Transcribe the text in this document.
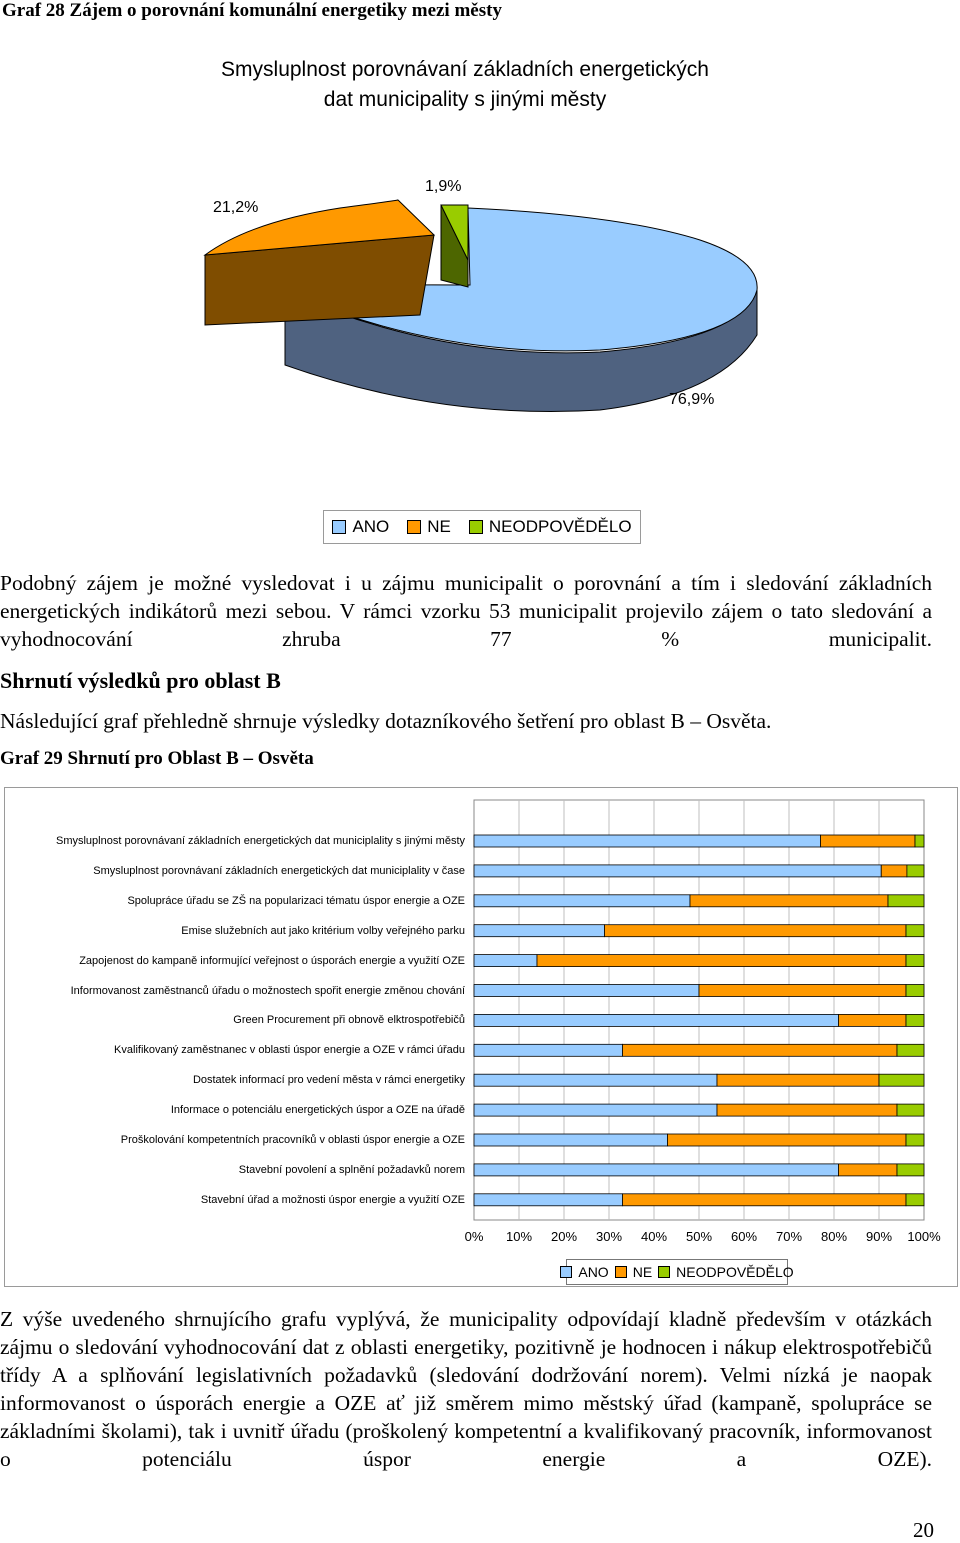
Graf 28 Zájem o porovnání komunální energetiky mezi městy
Smysluplnost porovnávaní základních energetických
dat municipality s jinými městy
21,2%
1,9%
76,9%
ANO NE NEODPOVĚDĚLO
Podobný zájem je možné vysledovat i u zájmu municipalit o porovnání a tím i sledování základních energetických indikátorů mezi sebou. V rámci vzorku 53 municipalit projevilo zájem o tato sledování a vyhodnocování zhruba 77 % municipalit.
Shrnutí výsledků pro oblast B
Následující graf přehledně shrnuje výsledky dotazníkového šetření pro oblast B – Osvěta.
Graf 29 Shrnutí pro Oblast B – Osvěta
Smysluplnost porovnávaní základních energetických dat municiplality s jinými městy
Smysluplnost porovnávaní základních energetických dat municiplality v čase
Spolupráce úřadu se ZŠ na popularizaci tématu úspor energie a OZE
Emise služebních aut jako kritérium volby veřejného parku
Zapojenost do kampaně informující veřejnost o úsporách energie a využití OZE
Informovanost zaměstnanců úřadu o možnostech spořit energie změnou chování
Green Procurement při obnově elktrospotřebičů
Kvalifikovaný zaměstnanec v oblasti úspor energie a OZE v rámci úřadu
Dostatek informací pro vedení města v rámci energetiky
Informace o potenciálu energetických úspor a OZE na úřadě
Proškolování kompetentních pracovníků v oblasti úspor energie a OZE
Stavební povolení a splnění požadavků norem
Stavební úřad a možnosti úspor energie a využití OZE
0% 10% 20% 30% 40% 50% 60% 70% 80% 90% 100%
ANO NE NEODPOVĚDĚLO
Z výše uvedeného shrnujícího grafu vyplývá, že municipality odpovídají kladně především v otázkách zájmu o sledování vyhodnocování dat z oblasti energetiky, pozitivně je hodnocen i nákup elektrospotřebičů třídy A a splňování legislativních požadavků (sledování dodržování norem). Velmi nízká je naopak informovanost o úsporách energie a OZE ať již směrem mimo městský úřad (kampaně, spolupráce se základními školami), tak i uvnitř úřadu (proškolený kompetentní a kvalifikovaný pracovník, informovanost o potenciálu úspor energie a OZE).
20
